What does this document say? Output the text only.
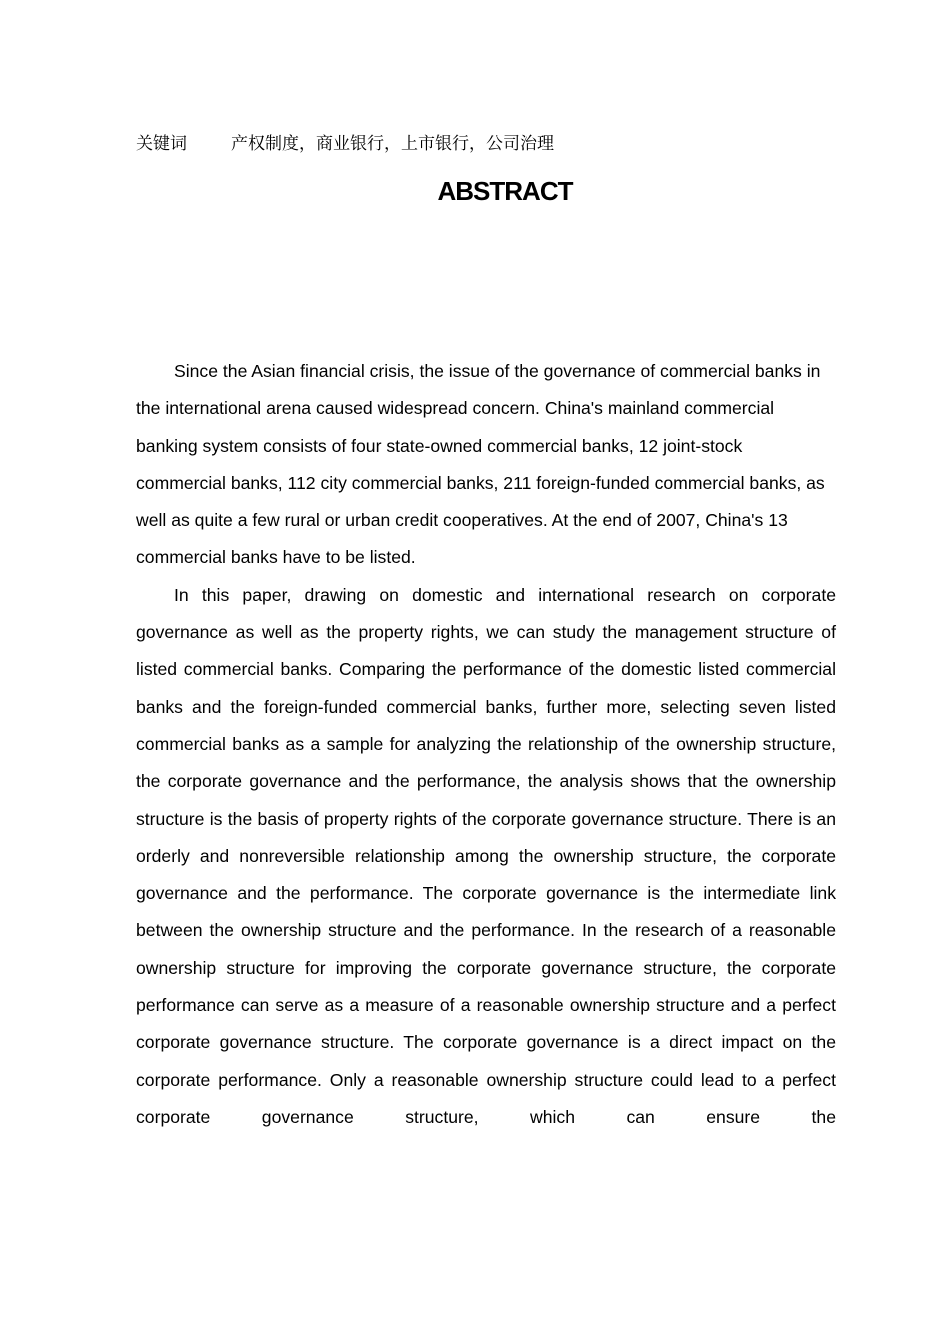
关键词	产权制度，商业银行，上市银行，公司治理
ABSTRACT

Since the Asian financial crisis, the issue of the governance of commercial banks in the international arena caused widespread concern. China's mainland commercial banking system consists of four state-owned commercial banks, 12 joint-stock commercial banks, 112 city commercial banks, 211 foreign-funded commercial banks, as well as quite a few rural or urban credit cooperatives. At the end of 2007, China's 13 commercial banks have to be listed.

In this paper, drawing on domestic and international research on corporate governance as well as the property rights, we can study the management structure of listed commercial banks. Comparing the performance of the domestic listed commercial banks and the foreign-funded commercial banks, further more, selecting seven listed commercial banks as a sample for analyzing the relationship of the ownership structure, the corporate governance and the performance, the analysis shows that the ownership structure is the basis of property rights of the corporate governance structure. There is an orderly and nonreversible relationship among the ownership structure, the corporate governance and the performance. The corporate governance is the intermediate link between the ownership structure and the performance. In the research of a reasonable ownership structure for improving the corporate governance structure, the corporate performance can serve as a measure of a reasonable ownership structure and a perfect corporate governance structure. The corporate governance is a direct impact on the corporate performance. Only a reasonable ownership structure could lead to a perfect corporate governance structure, which can ensure the
